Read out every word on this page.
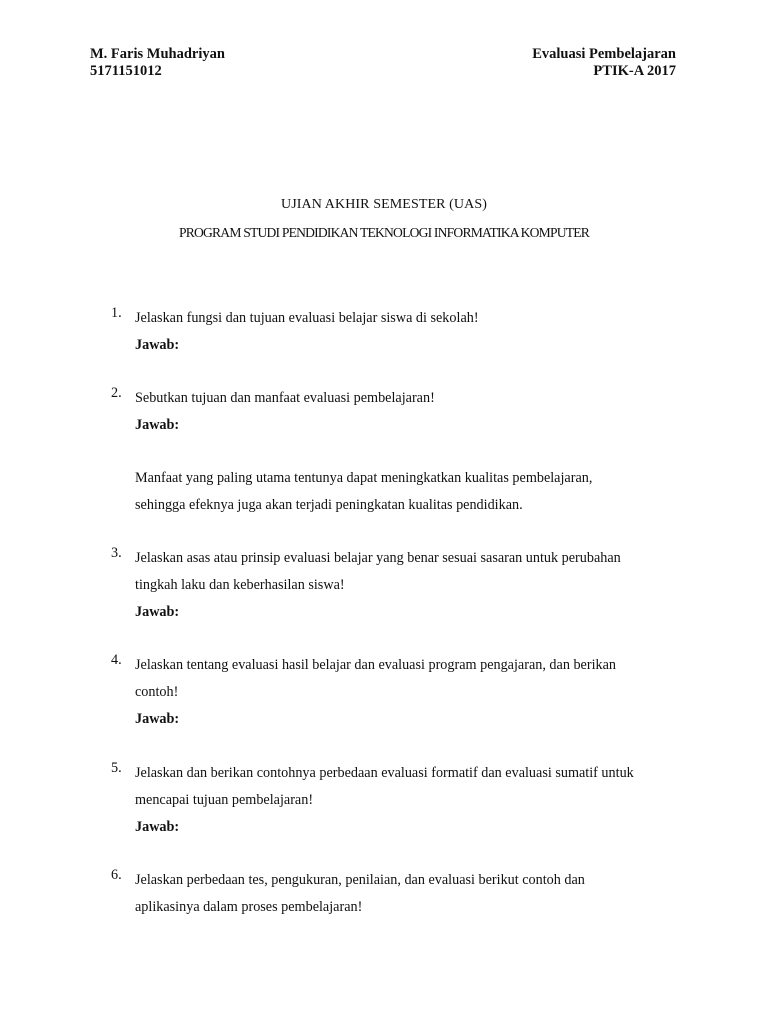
M. Faris Muhadriyan
5171151012
Evaluasi Pembelajaran
PTIK-A 2017
UJIAN AKHIR SEMESTER (UAS)
PROGRAM STUDI PENDIDIKAN TEKNOLOGI INFORMATIKA KOMPUTER
1. Jelaskan fungsi dan tujuan evaluasi belajar siswa di sekolah!
Jawab:
2. Sebutkan tujuan dan manfaat evaluasi pembelajaran!
Jawab:
Manfaat yang paling utama tentunya dapat meningkatkan kualitas pembelajaran,
sehingga efeknya juga akan terjadi peningkatan kualitas pendidikan.
3. Jelaskan asas atau prinsip evaluasi belajar yang benar sesuai sasaran untuk perubahan
tingkah laku dan keberhasilan siswa!
Jawab:
4. Jelaskan tentang evaluasi hasil belajar dan evaluasi program pengajaran, dan berikan
contoh!
Jawab:
5. Jelaskan dan berikan contohnya perbedaan evaluasi formatif dan evaluasi sumatif untuk
mencapai tujuan pembelajaran!
Jawab:
6. Jelaskan perbedaan tes, pengukuran, penilaian, dan evaluasi berikut contoh dan
aplikasinya dalam proses pembelajaran!
